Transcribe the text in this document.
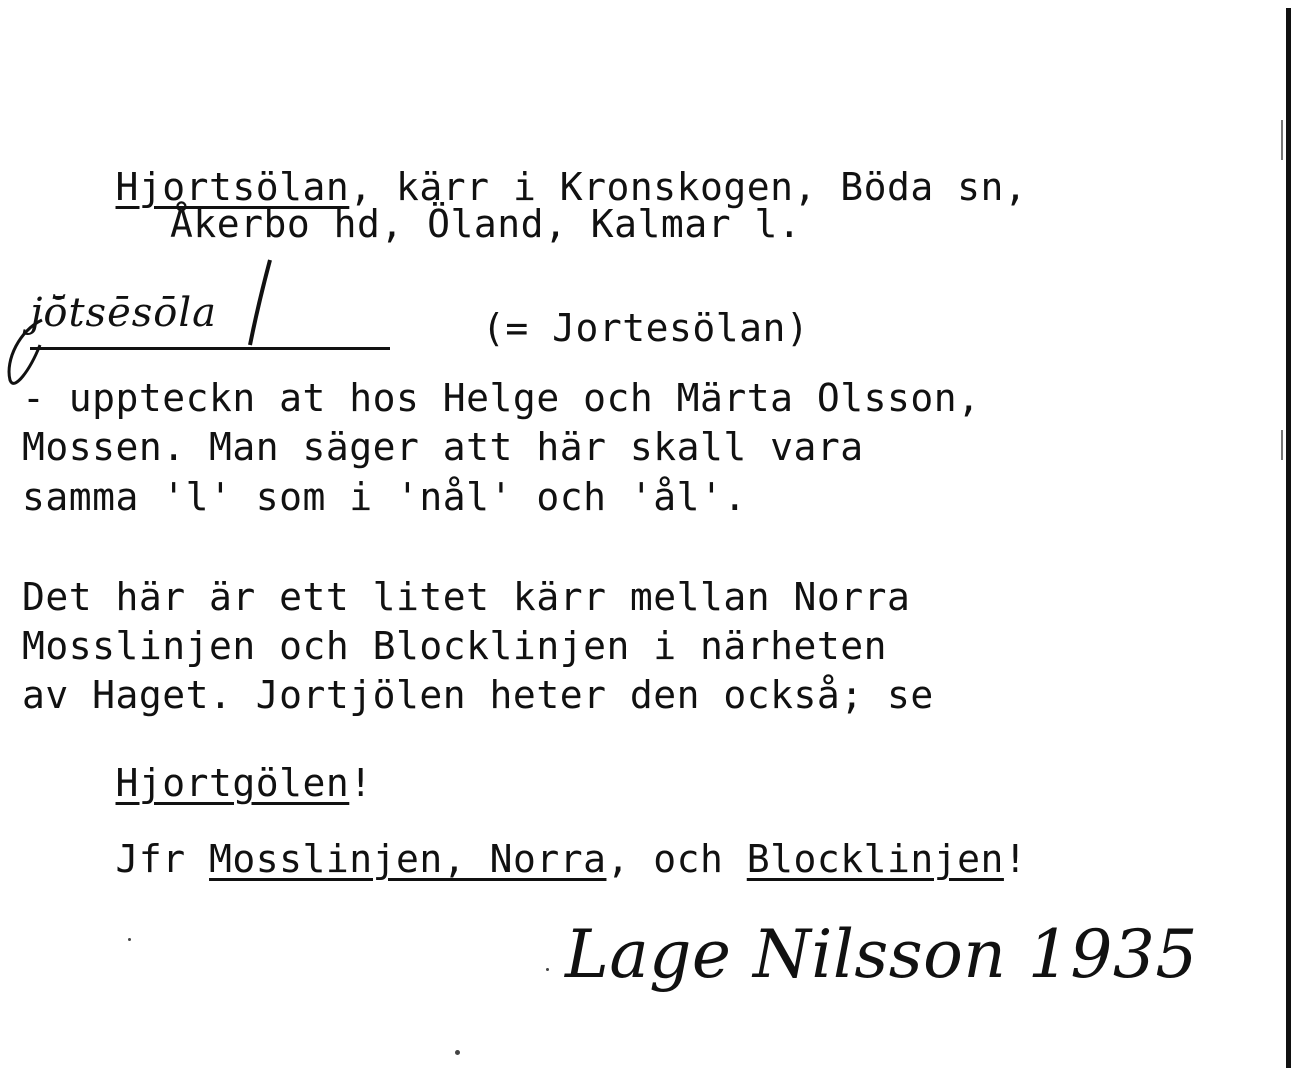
Hjortsölan, kärr i Kronskogen, Böda sn,

Åkerbo hd, Öland, Kalmar l.
jō̆tsēsōla	(= Jortesölan)
- uppteckn at hos Helge och Märta Olsson,
Mossen. Man säger att här skall vara
samma 'l' som i 'nål' och 'ål'.
Det här är ett litet kärr mellan Norra
Mosslinjen och Blocklinjen i närheten
av Haget. Jortjölen heter den också; se

Hjortgölen!

Jfr Mosslinjen, Norra, och Blocklinjen!

Lage Nilsson 1935
